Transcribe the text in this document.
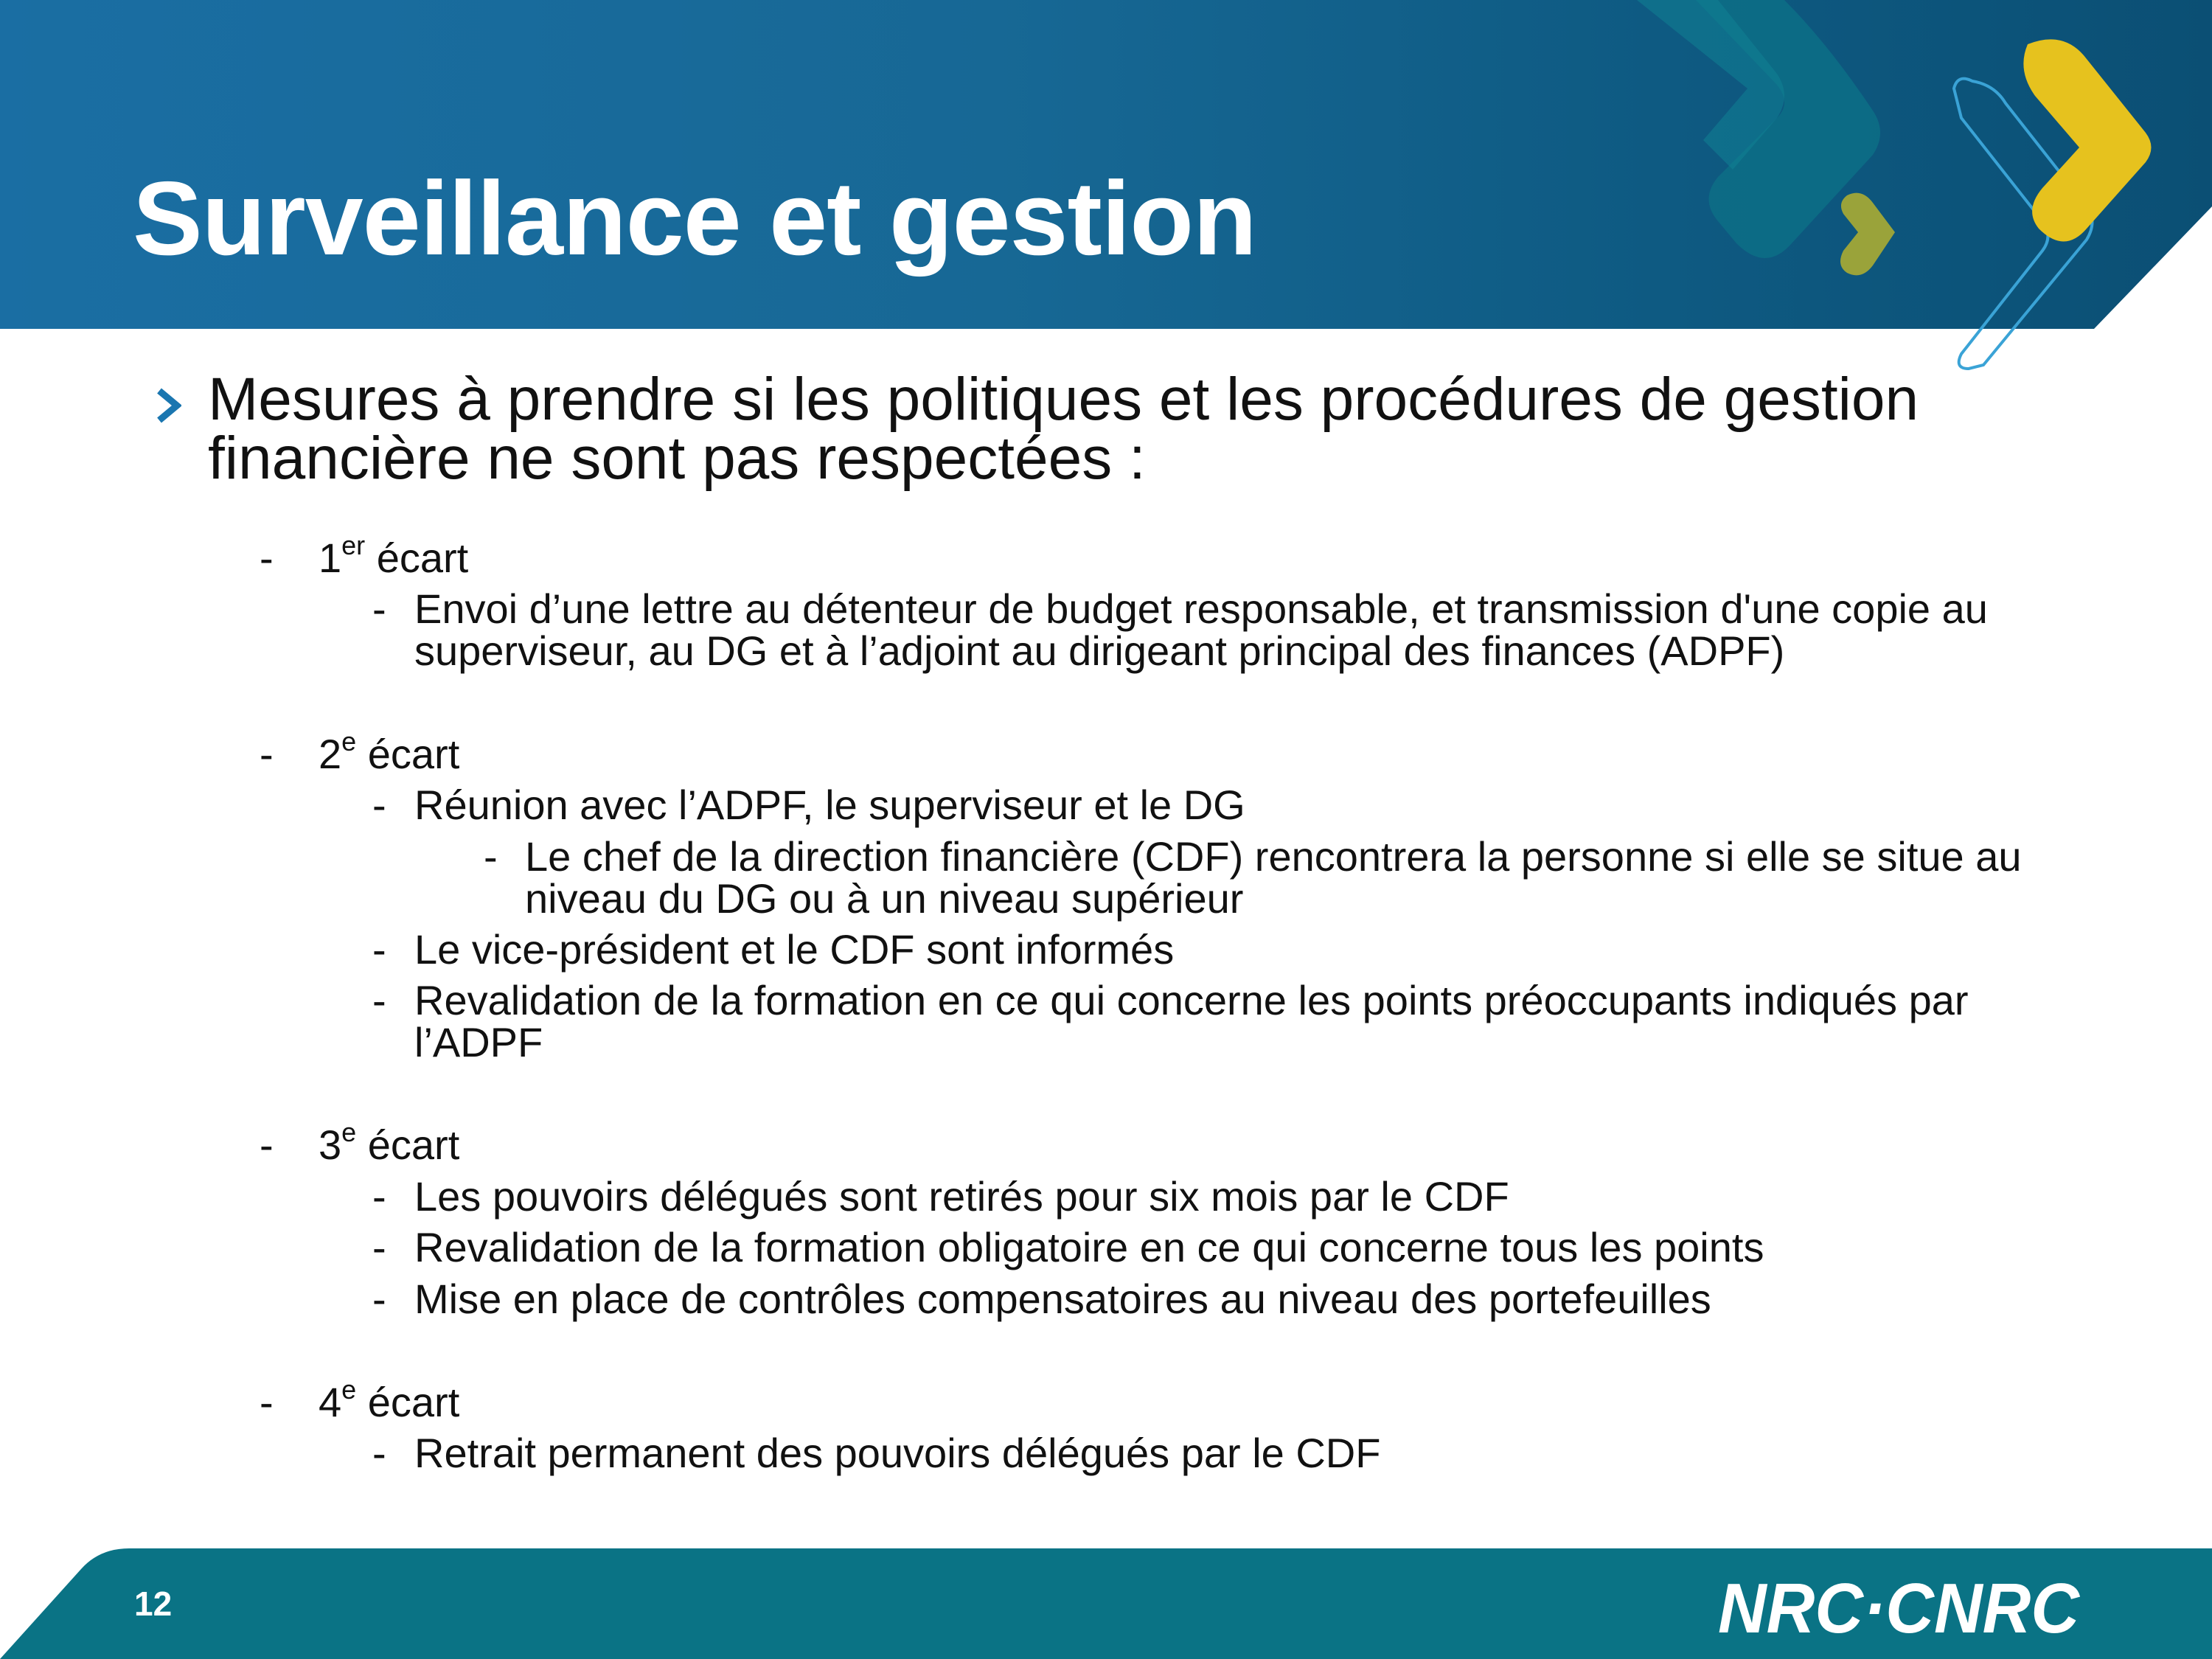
Surveillance et gestion
Mesures à prendre si les politiques et les procédures de gestion financière ne sont pas respectées :
- 1er écart
- Envoi d’une lettre au détenteur de budget responsable, et transmission d'une copie au
superviseur, au DG et à l’adjoint au dirigeant principal des finances (ADPF)
- 2e écart
- Réunion avec l’ADPF, le superviseur et le DG
- Le chef de la direction financière (CDF) rencontrera la personne si elle se situe au
niveau du DG ou à un niveau supérieur
- Le vice-président et le CDF sont informés
- Revalidation de la formation en ce qui concerne les points préoccupants indiqués par
l’ADPF
- 3e écart
- Les pouvoirs délégués sont retirés pour six mois par le CDF
- Revalidation de la formation obligatoire en ce qui concerne tous les points
- Mise en place de contrôles compensatoires au niveau des portefeuilles
- 4e écart
- Retrait permanent des pouvoirs délégués par le CDF
12	NRC·CNRC
